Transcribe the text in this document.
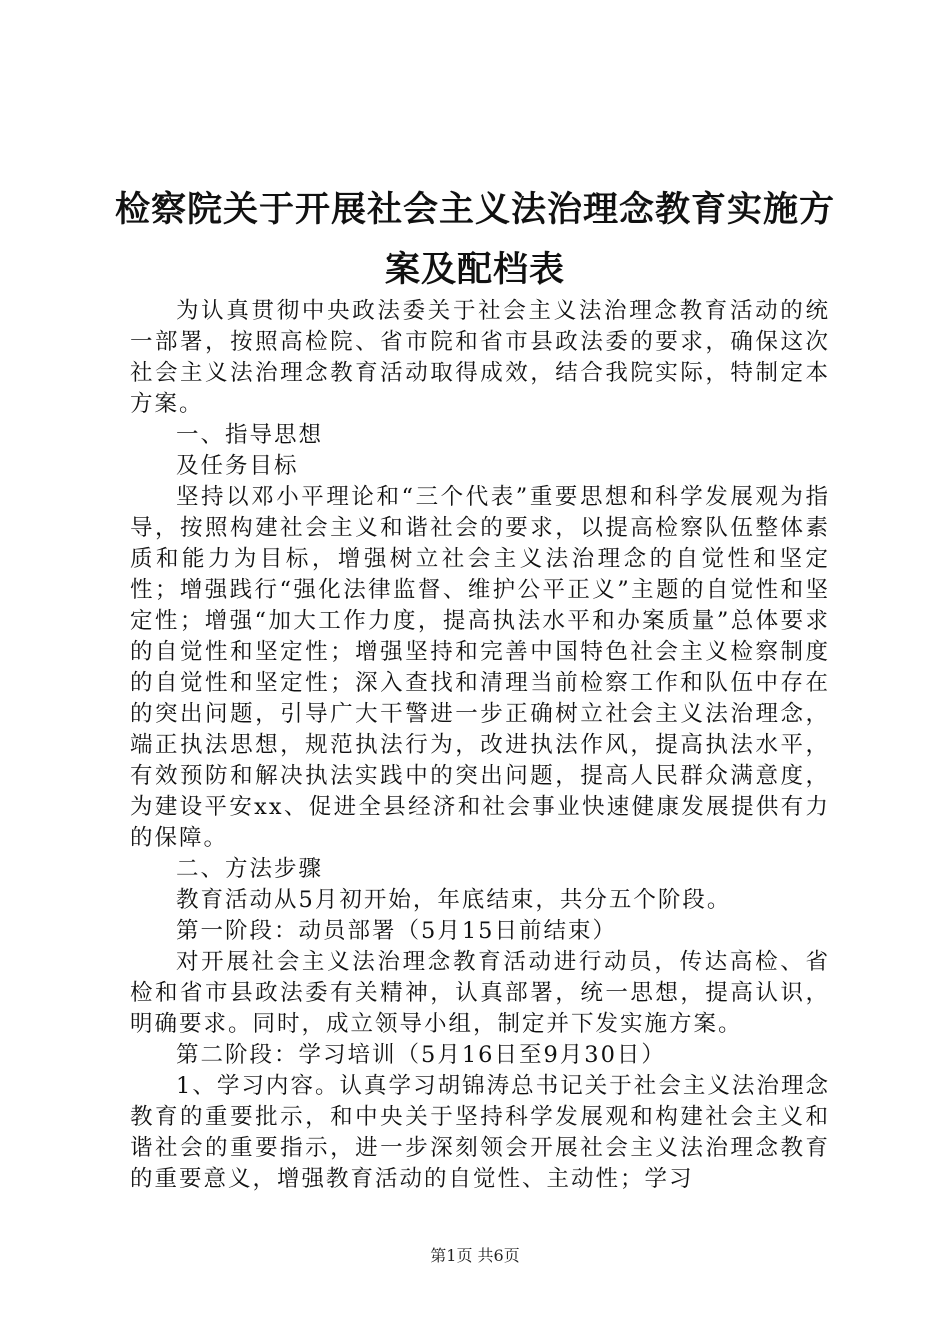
检察院关于开展社会主义法治理念教育实施方
案及配档表

为认真贯彻中央政法委关于社会主义法治理念教育活动的统一部署，按照高检院、省市院和省市县政法委的要求，确保这次社会主义法治理念教育活动取得成效，结合我院实际，特制定本方案。

一、指导思想

及任务目标

坚持以邓小平理论和“三个代表”重要思想和科学发展观为指导，按照构建社会主义和谐社会的要求，以提高检察队伍整体素质和能力为目标，增强树立社会主义法治理念的自觉性和坚定性；增强践行“强化法律监督、维护公平正义”主题的自觉性和坚定性；增强“加大工作力度，提高执法水平和办案质量”总体要求的自觉性和坚定性；增强坚持和完善中国特色社会主义检察制度的自觉性和坚定性；深入查找和清理当前检察工作和队伍中存在的突出问题，引导广大干警进一步正确树立社会主义法治理念，端正执法思想，规范执法行为，改进执法作风，提高执法水平，有效预防和解决执法实践中的突出问题，提高人民群众满意度，为建设平安xx、促进全县经济和社会事业快速健康发展提供有力的保障。

二、方法步骤

教育活动从5月初开始，年底结束，共分五个阶段。

第一阶段：动员部署（5月15日前结束）

对开展社会主义法治理念教育活动进行动员，传达高检、省检和省市县政法委有关精神，认真部署，统一思想，提高认识，明确要求。同时，成立领导小组，制定并下发实施方案。

第二阶段：学习培训（5月16日至9月30日）

1、学习内容。认真学习胡锦涛总书记关于社会主义法治理念教育的重要批示，和中央关于坚持科学发展观和构建社会主义和谐社会的重要指示，进一步深刻领会开展社会主义法治理念教育的重要意义，增强教育活动的自觉性、主动性；学习

第1页 共6页
